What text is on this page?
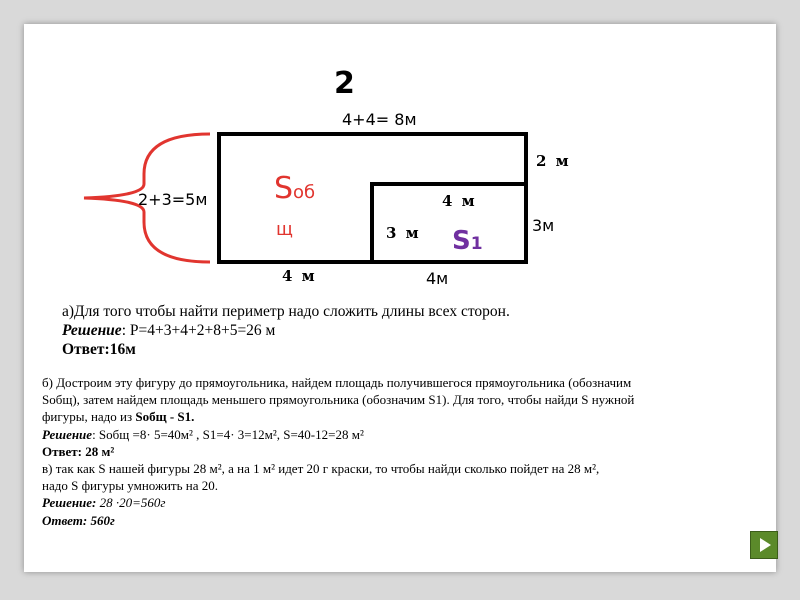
2
4+4= 8м
2+3=5м
2 м
3м
4 м
3 м
4 м	4м
Sоб
щ	S1
а)Для того чтобы найти периметр надо сложить длины всех сторон.
Решение: Р=4+3+4+2+8+5=26 м
Ответ:16м
б) Достроим эту фигуру до прямоугольника, найдем площадь получившегося прямоугольника (обозначим
Sобщ), затем найдем площадь меньшего прямоугольника (обозначим S1). Для того, чтобы найди S нужной
фигуры, надо из Sобщ - S1.
Решение: Sобщ =8· 5=40м² , S1=4· 3=12м², S=40-12=28 м²
Ответ: 28 м²
в) так как S нашей фигуры 28 м², а на 1 м² идет 20 г краски, то чтобы найди сколько пойдет на 28 м²,
надо S фигуры умножить на 20.
Решение: 28 ·20=560г
Ответ: 560г
